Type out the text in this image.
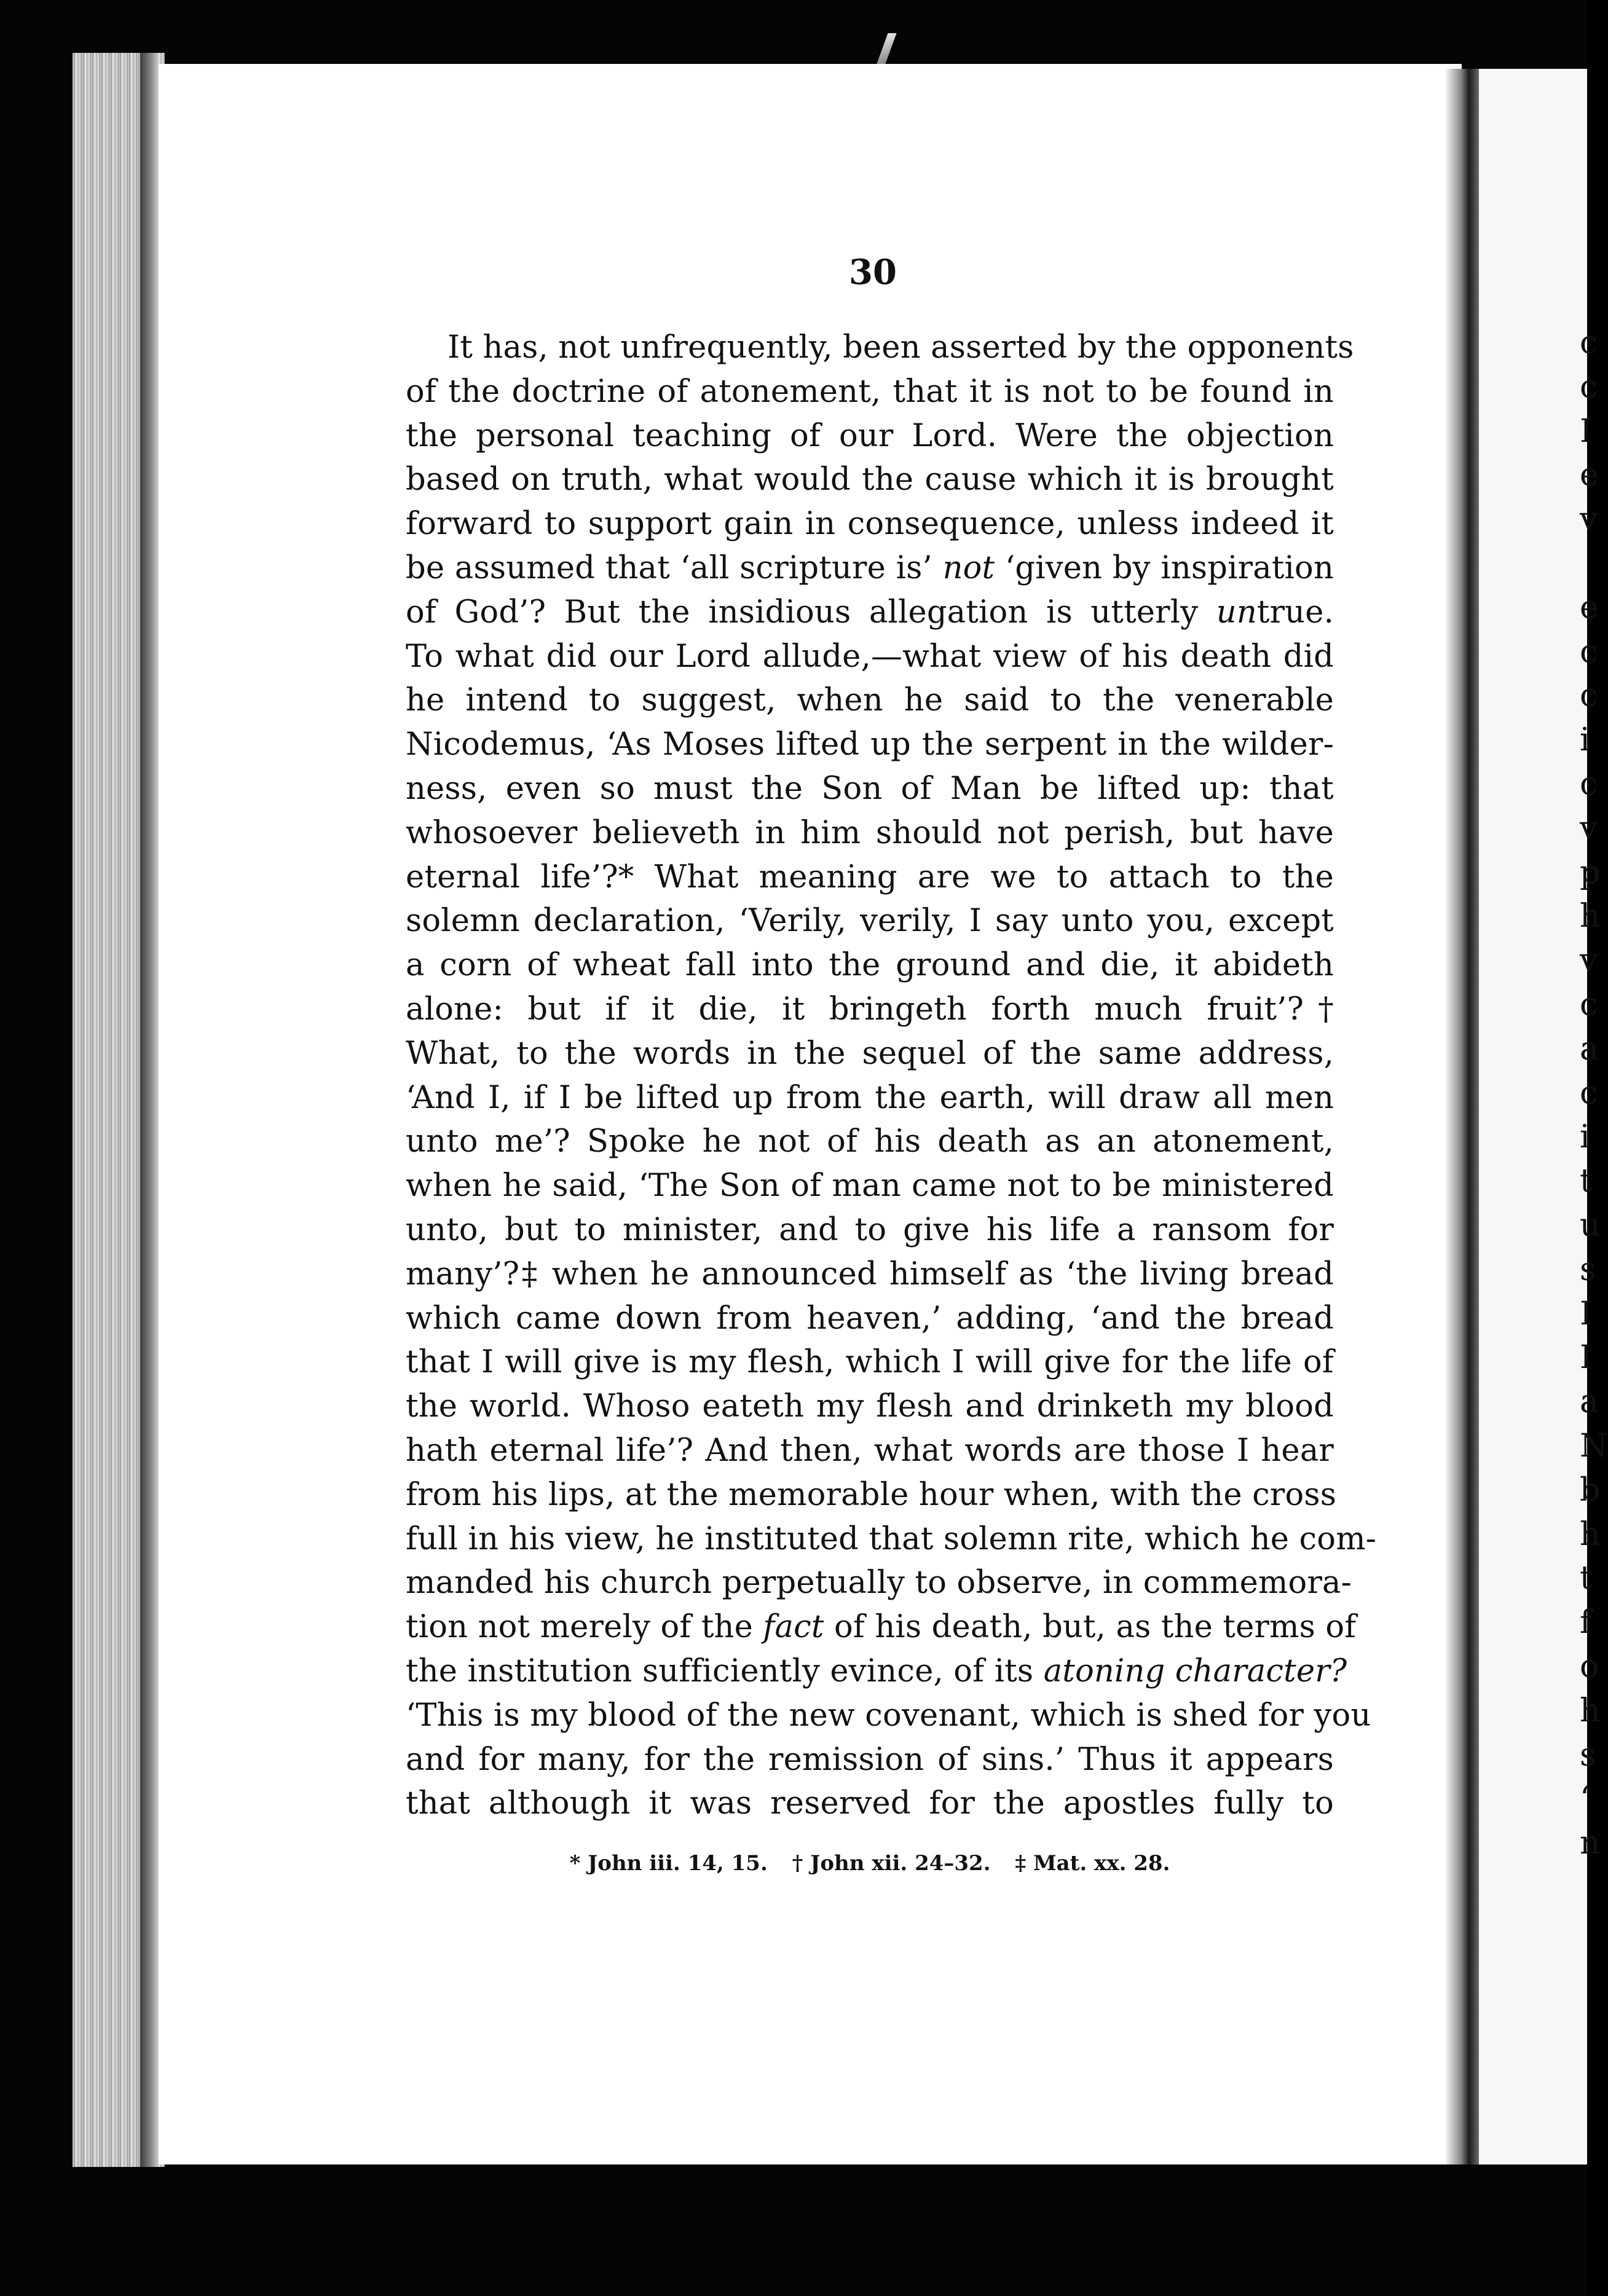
30
It has, not unfrequently, been asserted by the opponents
of the doctrine of atonement, that it is not to be found in
the personal teaching of our Lord. Were the objection
based on truth, what would the cause which it is brought
forward to support gain in consequence, unless indeed it
be assumed that ‘all scripture is’ not ‘given by inspiration
of God’? But the insidious allegation is utterly untrue.
To what did our Lord allude,—what view of his death did
he intend to suggest, when he said to the venerable
Nicodemus, ‘As Moses lifted up the serpent in the wilder-
ness, even so must the Son of Man be lifted up: that
whosoever believeth in him should not perish, but have
eternal life’?* What meaning are we to attach to the
solemn declaration, ‘Verily, verily, I say unto you, except
a corn of wheat fall into the ground and die, it abideth
alone: but if it die, it bringeth forth much fruit’?†
What, to the words in the sequel of the same address,
‘And I, if I be lifted up from the earth, will draw all men
unto me’? Spoke he not of his death as an atonement,
when he said, ‘The Son of man came not to be ministered
unto, but to minister, and to give his life a ransom for
many’?‡ when he announced himself as ‘the living bread
which came down from heaven,’ adding, ‘and the bread
that I will give is my flesh, which I will give for the life of
the world. Whoso eateth my flesh and drinketh my blood
hath eternal life’? And then, what words are those I hear
from his lips, at the memorable hour when, with the cross
full in his view, he instituted that solemn rite, which he com-
manded his church perpetually to observe, in commemora-
tion not merely of the fact of his death, but, as the terms of
the institution sufficiently evince, of its atoning character?
‘This is my blood of the new covenant, which is shed for you
and for many, for the remission of sins.’ Thus it appears
that although it was reserved for the apostles fully to
* John iii. 14, 15. † John xii. 24–32. ‡ Mat. xx. 28.
c
c
I
e
v
e
c
c
i
c
v
p
h
v
c
a
c
i
t
u
s
I
I
a
N
b
h
t
f
o
h
s
‘
n
